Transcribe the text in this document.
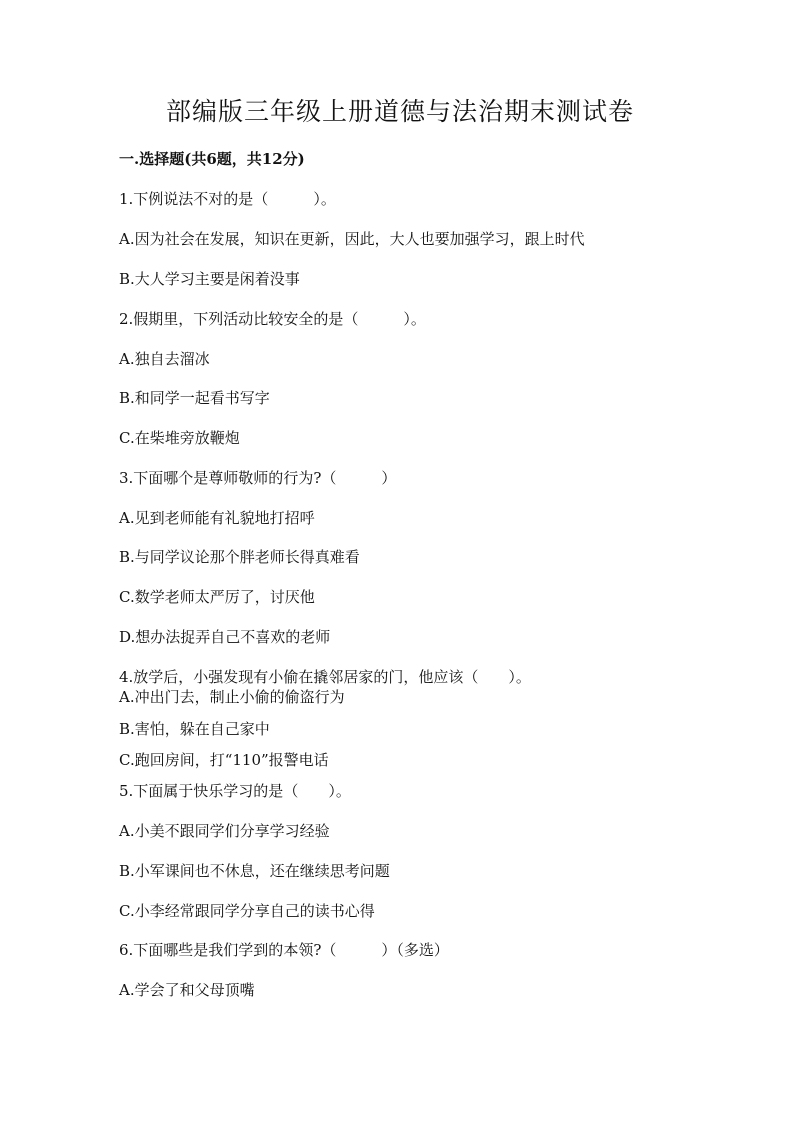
部编版三年级上册道德与法治期末测试卷
一.选择题(共6题，共12分)
1.下例说法不对的是（　　　）。
A.因为社会在发展，知识在更新，因此，大人也要加强学习，跟上时代
B.大人学习主要是闲着没事
2.假期里，下列活动比较安全的是（　　　）。
A.独自去溜冰
B.和同学一起看书写字
C.在柴堆旁放鞭炮
3.下面哪个是尊师敬师的行为?（　　　）
A.见到老师能有礼貌地打招呼
B.与同学议论那个胖老师长得真难看
C.数学老师太严厉了，讨厌他
D.想办法捉弄自己不喜欢的老师
4.放学后，小强发现有小偷在撬邻居家的门，他应该（　　）。
A.冲出门去，制止小偷的偷盗行为
B.害怕，躲在自己家中
C.跑回房间，打“110”报警电话
5.下面属于快乐学习的是（　　）。
A.小美不跟同学们分享学习经验
B.小军课间也不休息，还在继续思考问题
C.小李经常跟同学分享自己的读书心得
6.下面哪些是我们学到的本领?（　　　）（多选）
A.学会了和父母顶嘴
